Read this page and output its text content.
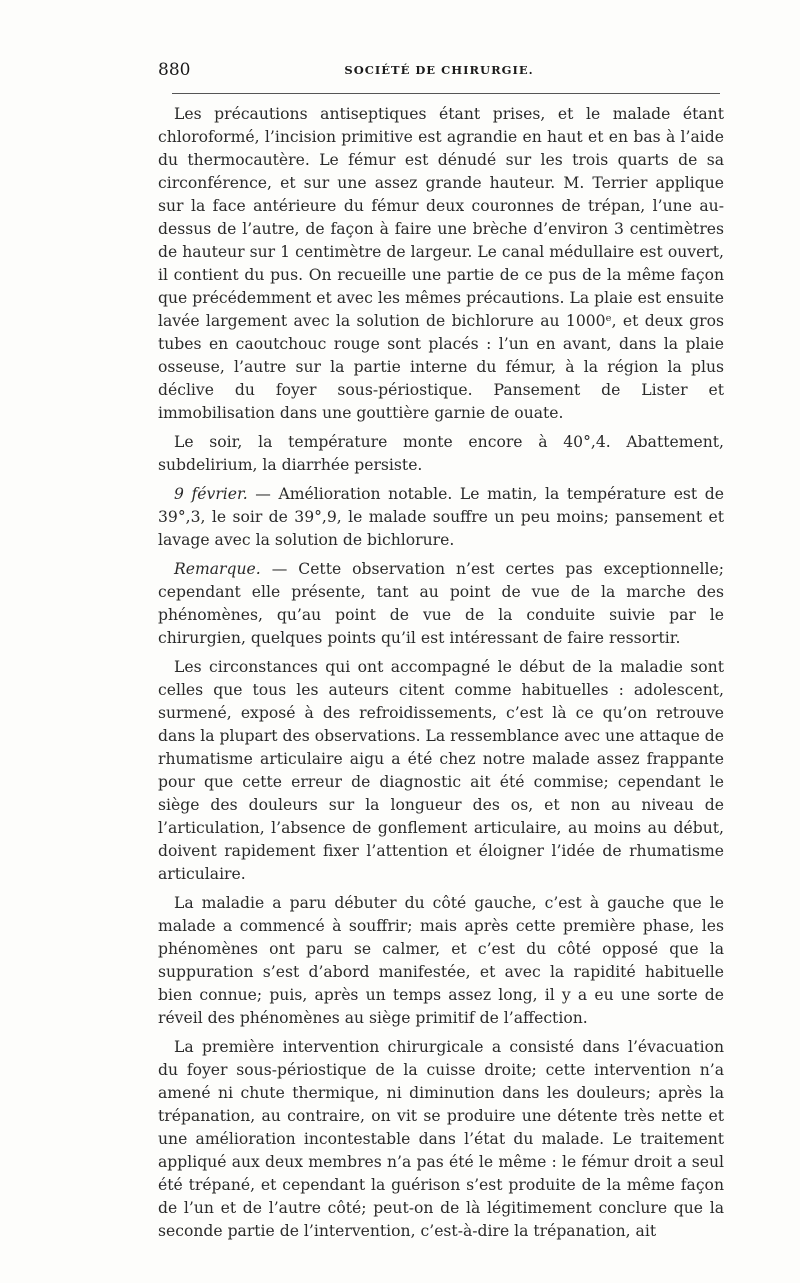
880	SOCIÉTÉ DE CHIRURGIE.

Les précautions antiseptiques étant prises, et le malade étant chloroformé, l’incision primitive est agrandie en haut et en bas à l’aide du thermocautère. Le fémur est dénudé sur les trois quarts de sa circonférence, et sur une assez grande hauteur. M. Terrier applique sur la face antérieure du fémur deux couronnes de trépan, l’une au-dessus de l’autre, de façon à faire une brèche d’environ 3 centimètres de hauteur sur 1 centimètre de largeur. Le canal médullaire est ouvert, il contient du pus. On recueille une partie de ce pus de la même façon que précédemment et avec les mêmes précautions. La plaie est ensuite lavée largement avec la solution de bichlorure au 1000ᵉ, et deux gros tubes en caoutchouc rouge sont placés : l’un en avant, dans la plaie osseuse, l’autre sur la partie interne du fémur, à la région la plus déclive du foyer sous-périostique. Pansement de Lister et immobilisation dans une gouttière garnie de ouate.

Le soir, la température monte encore à 40°,4. Abattement, subdelirium, la diarrhée persiste.

9 février. — Amélioration notable. Le matin, la température est de 39°,3, le soir de 39°,9, le malade souffre un peu moins; pansement et lavage avec la solution de bichlorure.

Remarque. — Cette observation n’est certes pas exceptionnelle; cependant elle présente, tant au point de vue de la marche des phénomènes, qu’au point de vue de la conduite suivie par le chirurgien, quelques points qu’il est intéressant de faire ressortir.

Les circonstances qui ont accompagné le début de la maladie sont celles que tous les auteurs citent comme habituelles : adolescent, surmené, exposé à des refroidissements, c’est là ce qu’on retrouve dans la plupart des observations. La ressemblance avec une attaque de rhumatisme articulaire aigu a été chez notre malade assez frappante pour que cette erreur de diagnostic ait été commise; cependant le siège des douleurs sur la longueur des os, et non au niveau de l’articulation, l’absence de gonflement articulaire, au moins au début, doivent rapidement fixer l’attention et éloigner l’idée de rhumatisme articulaire.

La maladie a paru débuter du côté gauche, c’est à gauche que le malade a commencé à souffrir; mais après cette première phase, les phénomènes ont paru se calmer, et c’est du côté opposé que la suppuration s’est d’abord manifestée, et avec la rapidité habituelle bien connue; puis, après un temps assez long, il y a eu une sorte de réveil des phénomènes au siège primitif de l’affection.

La première intervention chirurgicale a consisté dans l’évacuation du foyer sous-périostique de la cuisse droite; cette intervention n’a amené ni chute thermique, ni diminution dans les douleurs; après la trépanation, au contraire, on vit se produire une détente très nette et une amélioration incontestable dans l’état du malade. Le traitement appliqué aux deux membres n’a pas été le même : le fémur droit a seul été trépané, et cependant la guérison s’est produite de la même façon de l’un et de l’autre côté; peut-on de là légitimement conclure que la seconde partie de l’intervention, c’est-à-dire la trépanation, ait
